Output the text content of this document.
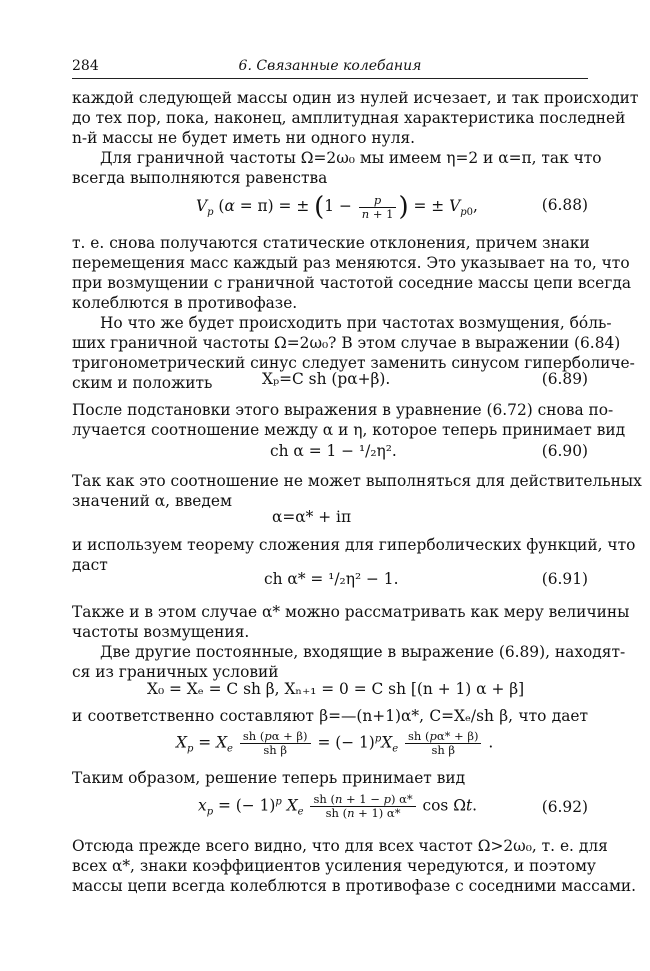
284	6. Связанные колебания
каждой следующей массы один из нулей исчезает, и так происходит
до тех пор, пока, наконец, амплитудная характеристика последней
n-й массы не будет иметь ни одного нуля.
Для граничной частоты Ω=2ω₀ мы имеем η=2 и α=π, так что
всегда выполняются равенства
$V_p$ (α = π) = ± ($1 - \frac{p}{n + 1}$ ) = ± $V_{p0}$,	(6.88)
т. е. снова получаются статические отклонения, причем знаки
перемещения масс каждый раз меняются. Это указывает на то, что
при возмущении с граничной частотой соседние массы цепи всегда
колеблются в противофазе.
Но что же будет происходить при частотах возмущения, бо́ль-
ших граничной частоты Ω=2ω₀? В этом случае в выражении (6.84)
тригонометрический синус следует заменить синусом гиперболиче-
ским и положить	Xₚ=C sh (pα+β).	(6.89)
После подстановки этого выражения в уравнение (6.72) снова по-
лучается соотношение между α и η, которое теперь принимает вид
ch α = 1 − ¹/₂η².	(6.90)
Так как это соотношение не может выполняться для действительных
значений α, введем
α=α* + iπ
и используем теорему сложения для гиперболических функций, что
даст
ch α* = ¹/₂η² − 1.	(6.91)
Также и в этом случае α* можно рассматривать как меру величины
частоты возмущения.
Две другие постоянные, входящие в выражение (6.89), находят-
ся из граничных условий
X₀ = Xₑ = C sh β, Xₙ₊₁ = 0 = C sh [(n + 1) α + β]
и соответственно составляют β=—(n+1)α*, C=Xₑ/sh β, что дает
$X_p = X_e \frac{sh (p\alpha + \beta)}{\text{sh β}}$ = (− $1)^pX_e \frac{sh (p\alpha* + \beta)}{\text{sh β}}$ .
Таким образом, решение теперь принимает вид
$x_p$ = (− 1)$^p$ $X_e \frac{sh (n + 1 - p) \alpha*}{sh (n + 1) \alpha*}$ cos Ωt.	(6.92)
Отсюда прежде всего видно, что для всех частот Ω>2ω₀, т. е. для
всех α*, знаки коэффициентов усиления чередуются, и поэтому
массы цепи всегда колеблются в противофазе с соседними массами.
